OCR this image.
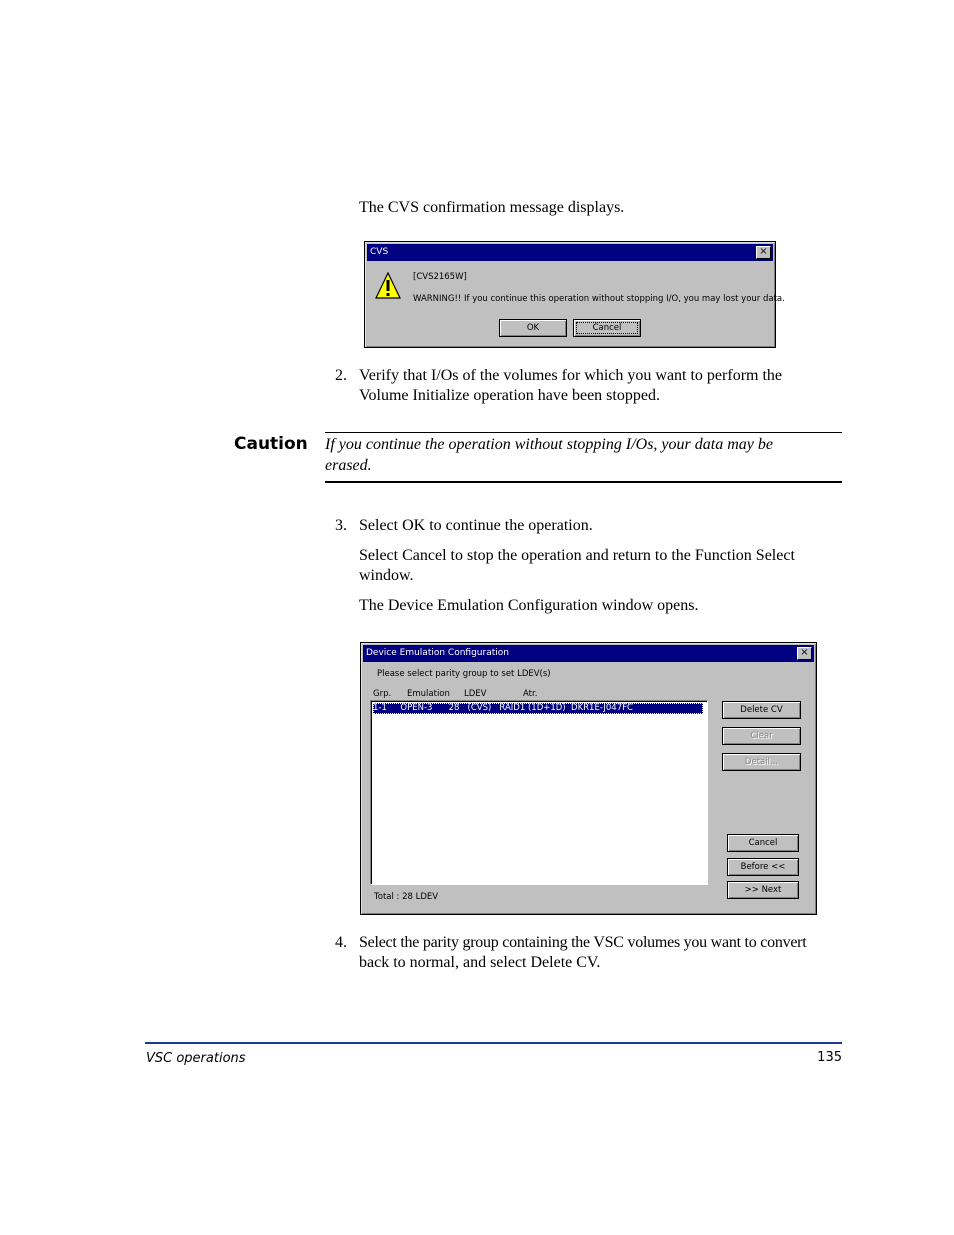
The CVS confirmation message displays.
CVS	×
[CVS2165W]
WARNING!! If you continue this operation without stopping I/O, you may lost your data.
OK	Cancel
2. Verify that I/Os of the volumes for which you want to perform the
Volume Initialize operation have been stopped.
Caution If you continue the operation without stopping I/Os, your data may be
erased.
3. Select OK to continue the operation.
Select Cancel to stop the operation and return to the Function Select
window.
The Device Emulation Configuration window opens.
Device Emulation Configuration	×
Please select parity group to set LDEV(s)
Grp. Emulation LDEV	Atr.
1-1     OPEN-3      28   (CVS)   RAID1 (1D+1D)  DKR1E-J047FC	Delete CV
Clear
Detail...
Cancel
Before <<
>> Next
Total : 28 LDEV
4. Select the parity group containing the VSC volumes you want to convert
back to normal, and select Delete CV.
VSC operations	135
